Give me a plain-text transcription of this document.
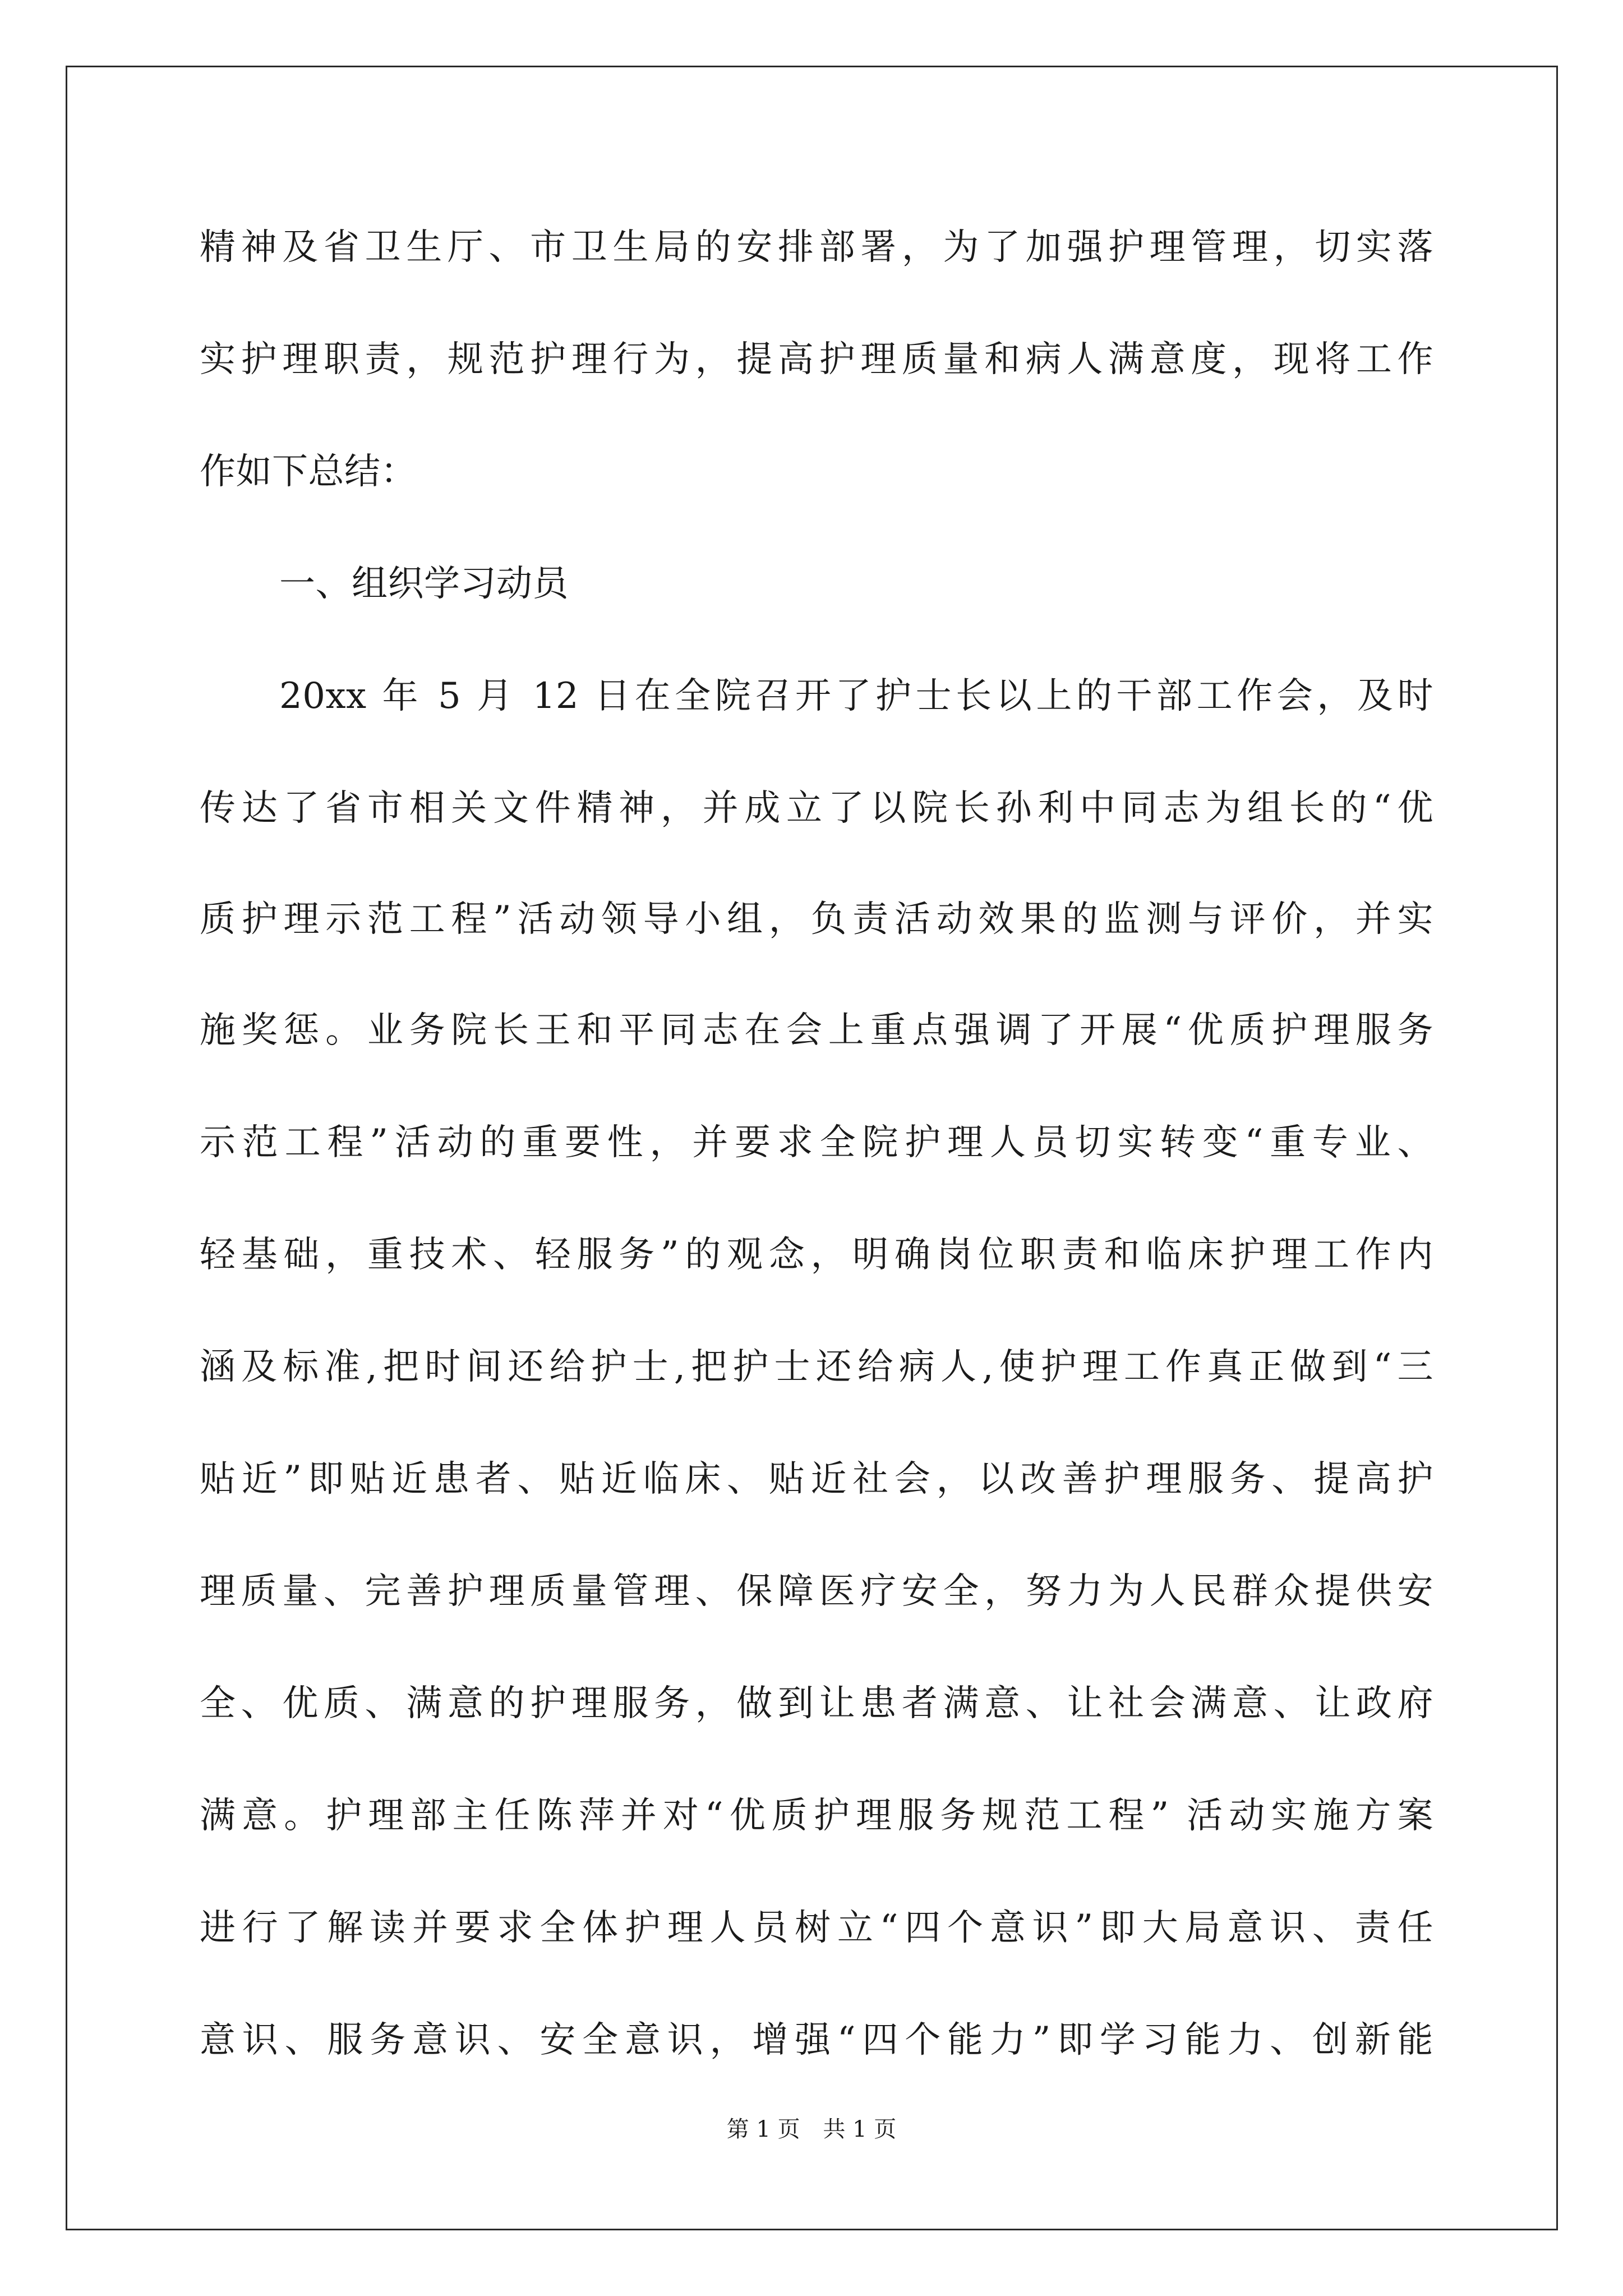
精神及省卫生厅、市卫生局的安排部署，为了加强护理管理，切实落
实护理职责，规范护理行为，提高护理质量和病人满意度，现将工作
作如下总结：
一、组织学习动员
20xx 年 5 月 12 日在全院召开了护士长以上的干部工作会，及时
传达了省市相关文件精神，并成立了以院长孙利中同志为组长的“优
质护理示范工程”活动领导小组，负责活动效果的监测与评价，并实
施奖惩。业务院长王和平同志在会上重点强调了开展“优质护理服务
示范工程”活动的重要性，并要求全院护理人员切实转变“重专业、
轻基础，重技术、轻服务”的观念，明确岗位职责和临床护理工作内
涵及标准,把时间还给护士,把护士还给病人,使护理工作真正做到“三
贴近”即贴近患者、贴近临床、贴近社会，以改善护理服务、提高护
理质量、完善护理质量管理、保障医疗安全，努力为人民群众提供安
全、优质、满意的护理服务，做到让患者满意、让社会满意、让政府
满意。护理部主任陈萍并对“优质护理服务规范工程” 活动实施方案
进行了解读并要求全体护理人员树立“四个意识”即大局意识、责任
意识、服务意识、安全意识，增强“四个能力”即学习能力、创新能
第 1 页 共 1 页
